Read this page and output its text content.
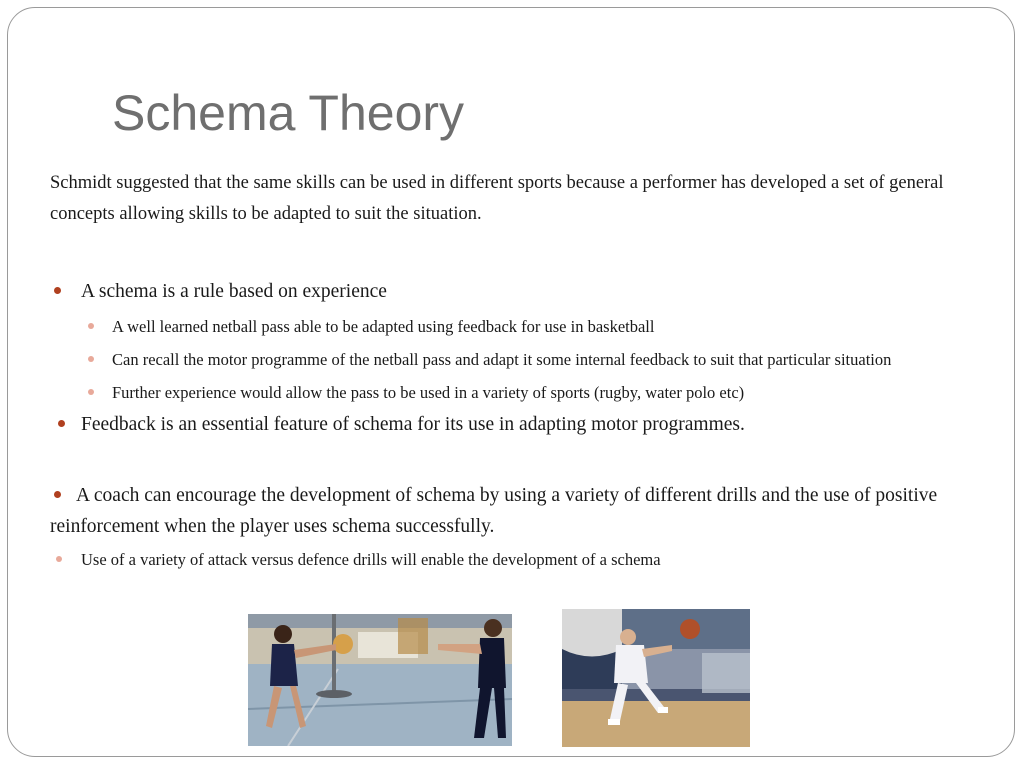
Schema Theory
Schmidt suggested that the same skills can be used in different sports because a performer has developed a set of general concepts allowing skills to be adapted to suit the situation.
A schema is a rule based on experience
A well learned netball pass able to be adapted using feedback for use in basketball
Can recall the motor programme of the netball pass and adapt it some internal feedback to suit that particular situation
Further experience would allow the pass to be used in a variety of sports (rugby, water polo etc)
Feedback is an essential feature of schema for its use in adapting motor programmes.
A coach can encourage the development of schema by using a variety of different drills and the use of positive reinforcement when the player uses schema successfully.
Use of a variety of attack versus defence drills will enable the development of a schema
